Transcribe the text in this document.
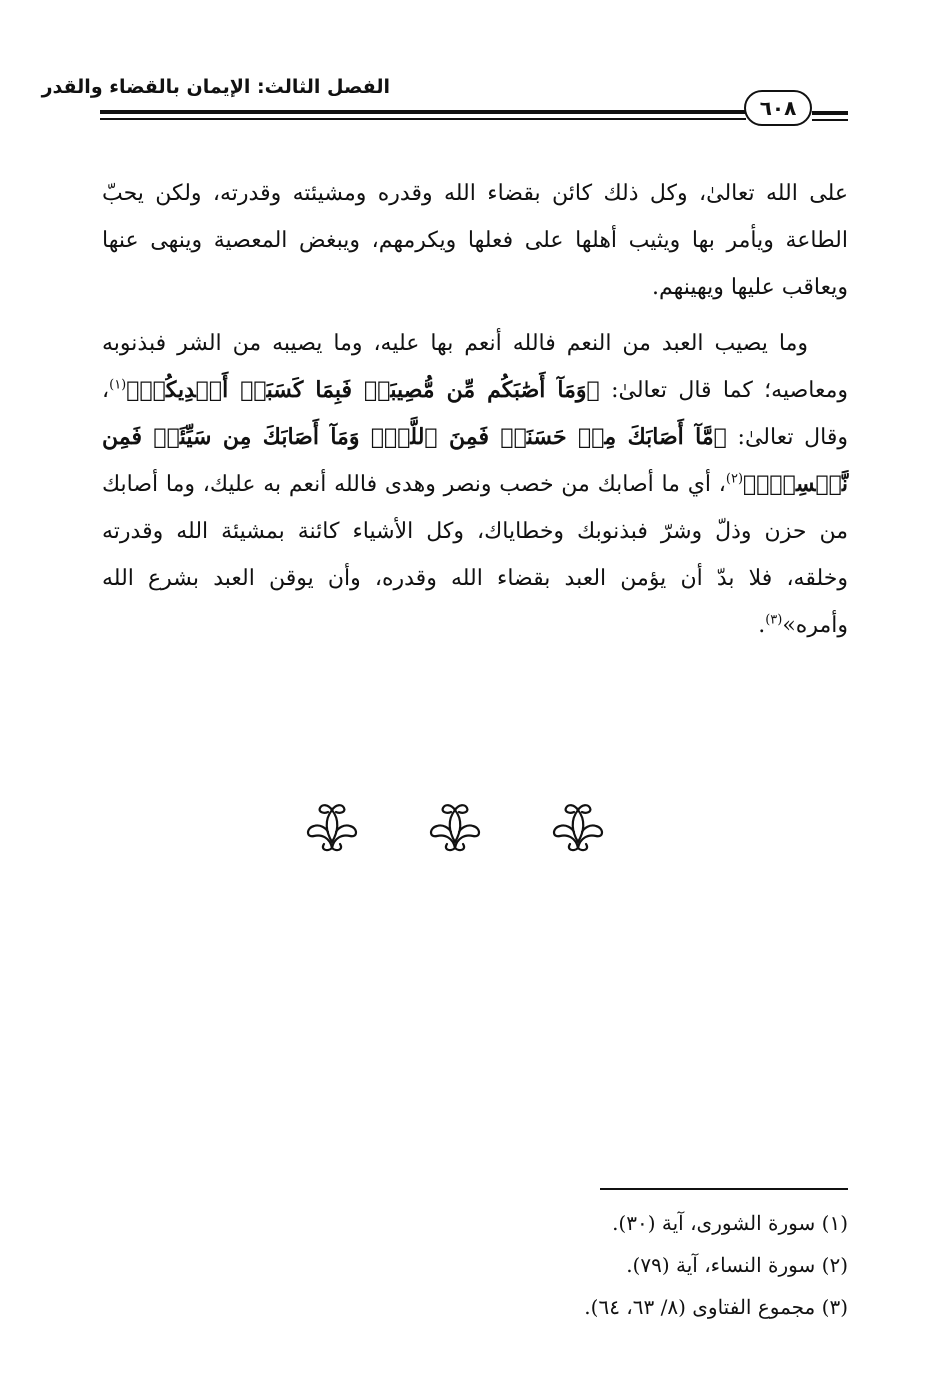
الفصل الثالث: الإيمان بالقضاء والقدر
٦٠٨
على الله تعالىٰ، وكل ذلك كائن بقضاء الله وقدره ومشيئته وقدرته، ولكن يحبّ الطاعة ويأمر بها ويثيب أهلها على فعلها ويكرمهم، ويبغض المعصية وينهى عنها ويعاقب عليها ويهينهم.
وما يصيب العبد من النعم فالله أنعم بها عليه، وما يصيبه من الشر فبذنوبه ومعاصيه؛ كما قال تعالىٰ: ﴿وَمَآ أَصَٰبَكُم مِّن مُّصِيبَةٖ فَبِمَا كَسَبَتۡ أَيۡدِيكُمۡ﴾$^{(١)}$، وقال تعالىٰ: ﴿مَّآ أَصَابَكَ مِنۡ حَسَنَةٖ فَمِنَ ٱللَّهِۖ وَمَآ أَصَابَكَ مِن سَيِّئَةٖ فَمِن نَّفۡسِكَۚ﴾$^{(٢)}$، أي ما أصابك من خصب ونصر وهدى فالله أنعم به عليك، وما أصابك من حزن وذلّ وشرّ فبذنوبك وخطاياك، وكل الأشياء كائنة بمشيئة الله وقدرته وخلقه، فلا بدّ أن يؤمن العبد بقضاء الله وقدره، وأن يوقن العبد بشرع الله وأمره»$^{(٣)}$.
(١) سورة الشورى، آية (٣٠).
(٢) سورة النساء، آية (٧٩).
(٣) مجموع الفتاوى (٨/ ٦٣، ٦٤).
